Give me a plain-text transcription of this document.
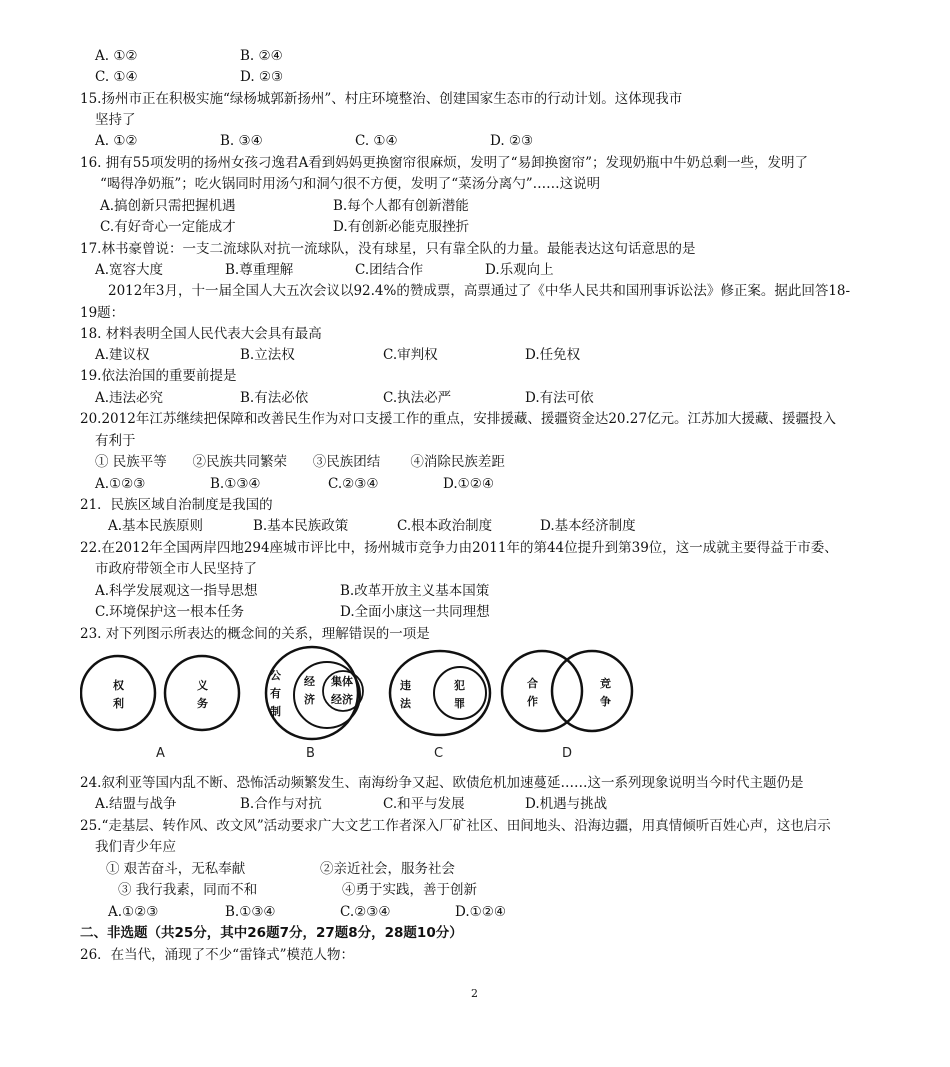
A. ①②	B. ②④
C. ①④	D. ②③
15.扬州市正在积极实施“绿杨城郭新扬州”、村庄环境整治、创建国家生态市的行动计划。这体现我市
坚持了
A. ①②	B. ③④	C. ①④	D. ②③
16. 拥有55项发明的扬州女孩刁逸君A看到妈妈更换窗帘很麻烦，发明了“易卸换窗帘”；发现奶瓶中牛奶总剩一些，发明了
“喝得净奶瓶”；吃火锅同时用汤勺和洞勺很不方便，发明了“菜汤分离勺”……这说明
A.搞创新只需把握机遇	B.每个人都有创新潜能
C.有好奇心一定能成才	D.有创新必能克服挫折
17.林书豪曾说：一支二流球队对抗一流球队，没有球星，只有靠全队的力量。最能表达这句话意思的是
A.宽容大度	B.尊重理解	C.团结合作	D.乐观向上
2012年3月，十一届全国人大五次会议以92.4%的赞成票，高票通过了《中华人民共和国刑事诉讼法》修正案。据此回答18-
19题：
18. 材料表明全国人民代表大会具有最高
A.建议权	B.立法权	C.审判权	D.任免权
19.依法治国的重要前提是
A.违法必究	B.有法必依	C.执法必严	D.有法可依
20.2012年江苏继续把保障和改善民生作为对口支援工作的重点，安排援藏、援疆资金达20.27亿元。江苏加大援藏、援疆投入
有利于
① 民族平等      ②民族共同繁荣      ③民族团结       ④消除民族差距
A.①②③	B.①③④	C.②③④	D.①②④
21．民族区域自治制度是我国的
A.基本民族原则	B.基本民族政策	C.根本政治制度	D.基本经济制度
22.在2012年全国两岸四地294座城市评比中，扬州城市竞争力由2011年的第44位提升到第39位，这一成就主要得益于市委、
市政府带领全市人民坚持了
A.科学发展观这一指导思想	B.改革开放主义基本国策
C.环境保护这一根本任务	D.全面小康这一共同理想
23. 对下列图示所表达的概念间的关系，理解错误的一项是
权
利
义
务
A
公
有
制
经
济
集体
经济
B
违
法
犯
罪
C
合
作
竞
争
D
24.叙利亚等国内乱不断、恐怖活动频繁发生、南海纷争又起、欧债危机加速蔓延……这一系列现象说明当今时代主题仍是
A.结盟与战争	B.合作与对抗	C.和平与发展	D.机遇与挑战
25.“走基层、转作风、改文风”活动要求广大文艺工作者深入厂矿社区、田间地头、沿海边疆，用真情倾听百姓心声，这也启示
我们青少年应
① 艰苦奋斗，无私奉献	②亲近社会，服务社会
③ 我行我素，同而不和	④勇于实践，善于创新
A.①②③	B.①③④	C.②③④	D.①②④
二、非选题（共25分，其中26题7分，27题8分，28题10分）
26．在当代，涌现了不少“雷锋式”模范人物：
2
